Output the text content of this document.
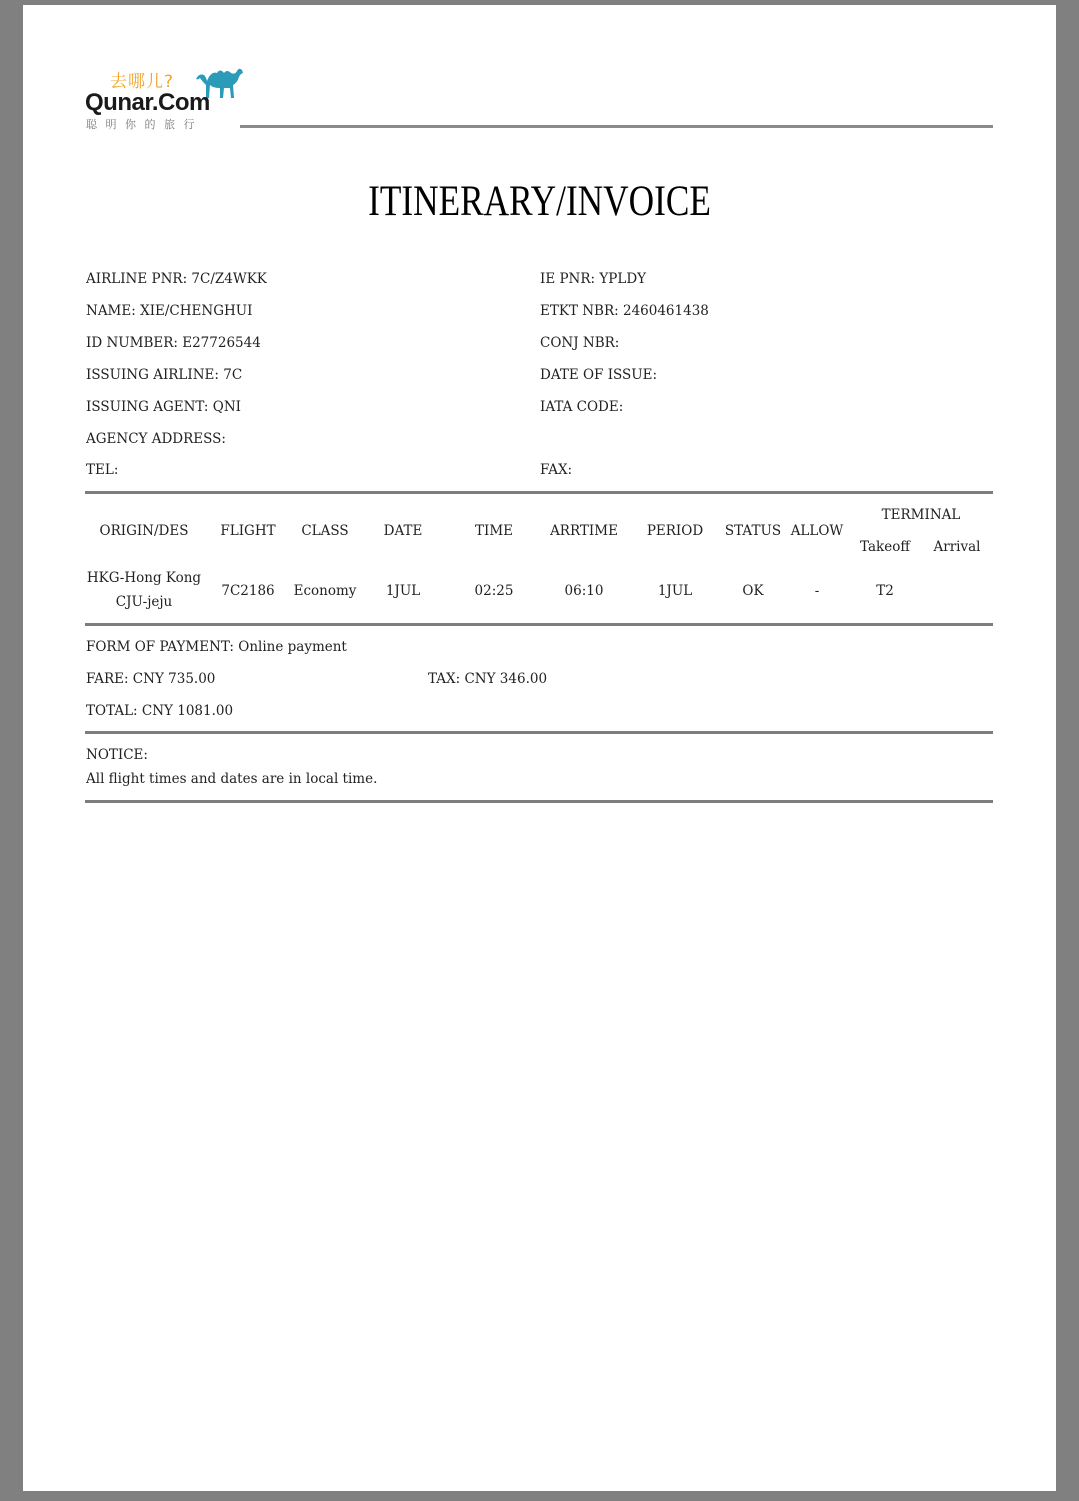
去哪儿?
Qunar.Com
聪明你的旅行
ITINERARY/INVOICE
AIRLINE PNR: 7C/Z4WKK	IE PNR: YPLDY
NAME: XIE/CHENGHUI	ETKT NBR: 2460461438
ID NUMBER: E27726544	CONJ NBR:
ISSUING AIRLINE: 7C	DATE OF ISSUE:
ISSUING AGENT: QNI	IATA CODE:
AGENCY ADDRESS:
TEL:	FAX:
ORIGIN/DES	FLIGHT	CLASS	DATE	TIME	ARRTIME	PERIOD	STATUS ALLOW
TERMINAL
Takeoff	Arrival
HKG-Hong Kong
CJU-jeju
7C2186	Economy	1JUL	02:25	06:10	1JUL	OK	-	T2
FORM OF PAYMENT: Online payment
FARE: CNY 735.00	TAX: CNY 346.00
TOTAL: CNY 1081.00
NOTICE:
All flight times and dates are in local time.
